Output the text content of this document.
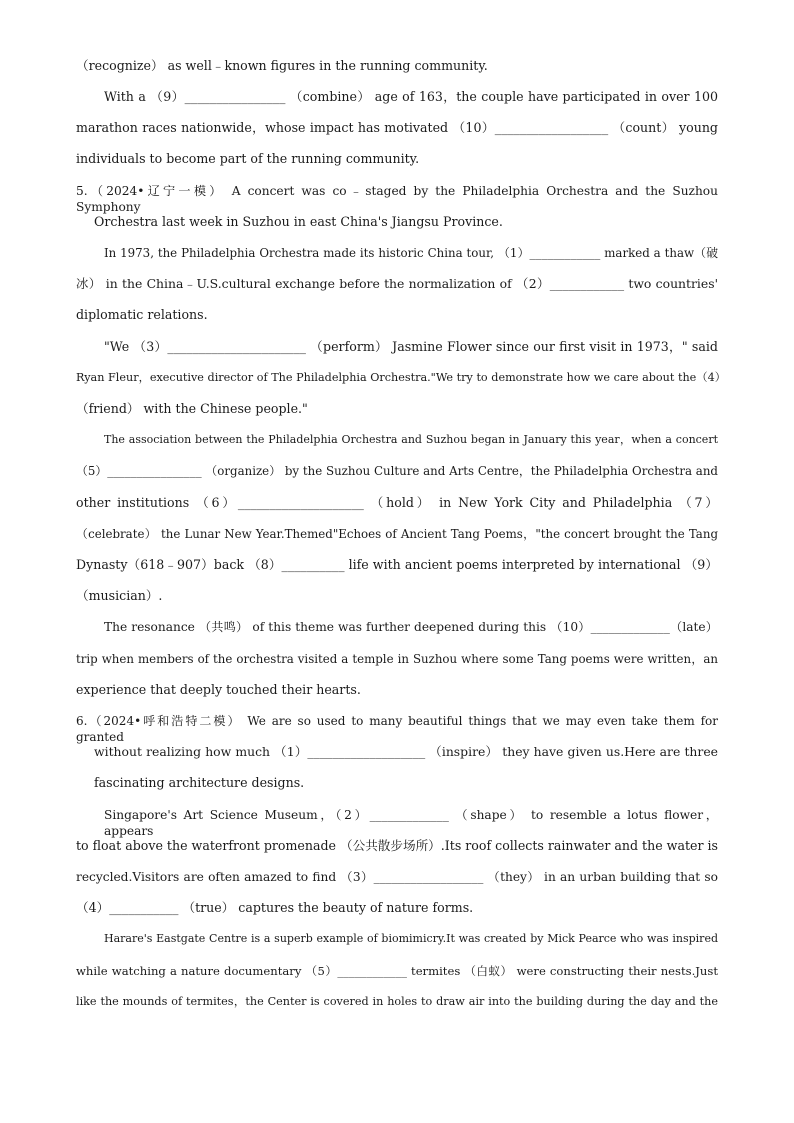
（recognize） as well﹣known figures in the running community.
With a （9）________________ （combine） age of 163，the couple have participated in over 100
marathon races nationwide，whose impact has motivated （10）__________________ （count） young
individuals to become part of the running community.
5.（2024•辽宁一模） A concert was co﹣staged by the Philadelphia Orchestra and the Suzhou Symphony
Orchestra last week in Suzhou in east China's Jiangsu Province.
In 1973, the Philadelphia Orchestra made its historic China tour, （1）____________ marked a thaw（破
冰） in the China﹣U.S.cultural exchange before the normalization of （2）____________ two countries'
diplomatic relations.
"We （3）______________________ （perform） Jasmine Flower since our first visit in 1973，" said
Ryan Fleur，executive director of The Philadelphia Orchestra."We try to demonstrate how we care about the（4）
（friend） with the Chinese people."
The association between the Philadelphia Orchestra and Suzhou began in January this year，when a concert
（5）________________ （organize） by the Suzhou Culture and Arts Centre，the Philadelphia Orchestra and
other institutions （6）____________________ （hold） in New York City and Philadelphia （7）
（celebrate） the Lunar New Year.Themed"Echoes of Ancient Tang Poems，"the concert brought the Tang
Dynasty（618﹣907）back （8）__________ life with ancient poems interpreted by international （9）
（musician）.
The resonance （共鸣） of this theme was further deepened during this （10）_____________（late）
trip when members of the orchestra visited a temple in Suzhou where some Tang poems were written，an
experience that deeply touched their hearts.
6.（2024•呼和浩特二模） We are so used to many beautiful things that we may even take them for granted
without realizing how much （1）___________________ （inspire） they have given us.Here are three
fascinating architecture designs.
Singapore's Art Science Museum，（2）_____________ （shape） to resemble a lotus flower，appears
to float above the waterfront promenade （公共散步场所）.Its roof collects rainwater and the water is
recycled.Visitors are often amazed to find （3）__________________ （they） in an urban building that so
（4）___________ （true） captures the beauty of nature forms.
Harare's Eastgate Centre is a superb example of biomimicry.It was created by Mick Pearce who was inspired
while watching a nature documentary （5）____________ termites （白蚁） were constructing their nests.Just
like the mounds of termites，the Center is covered in holes to draw air into the building during the day and the
